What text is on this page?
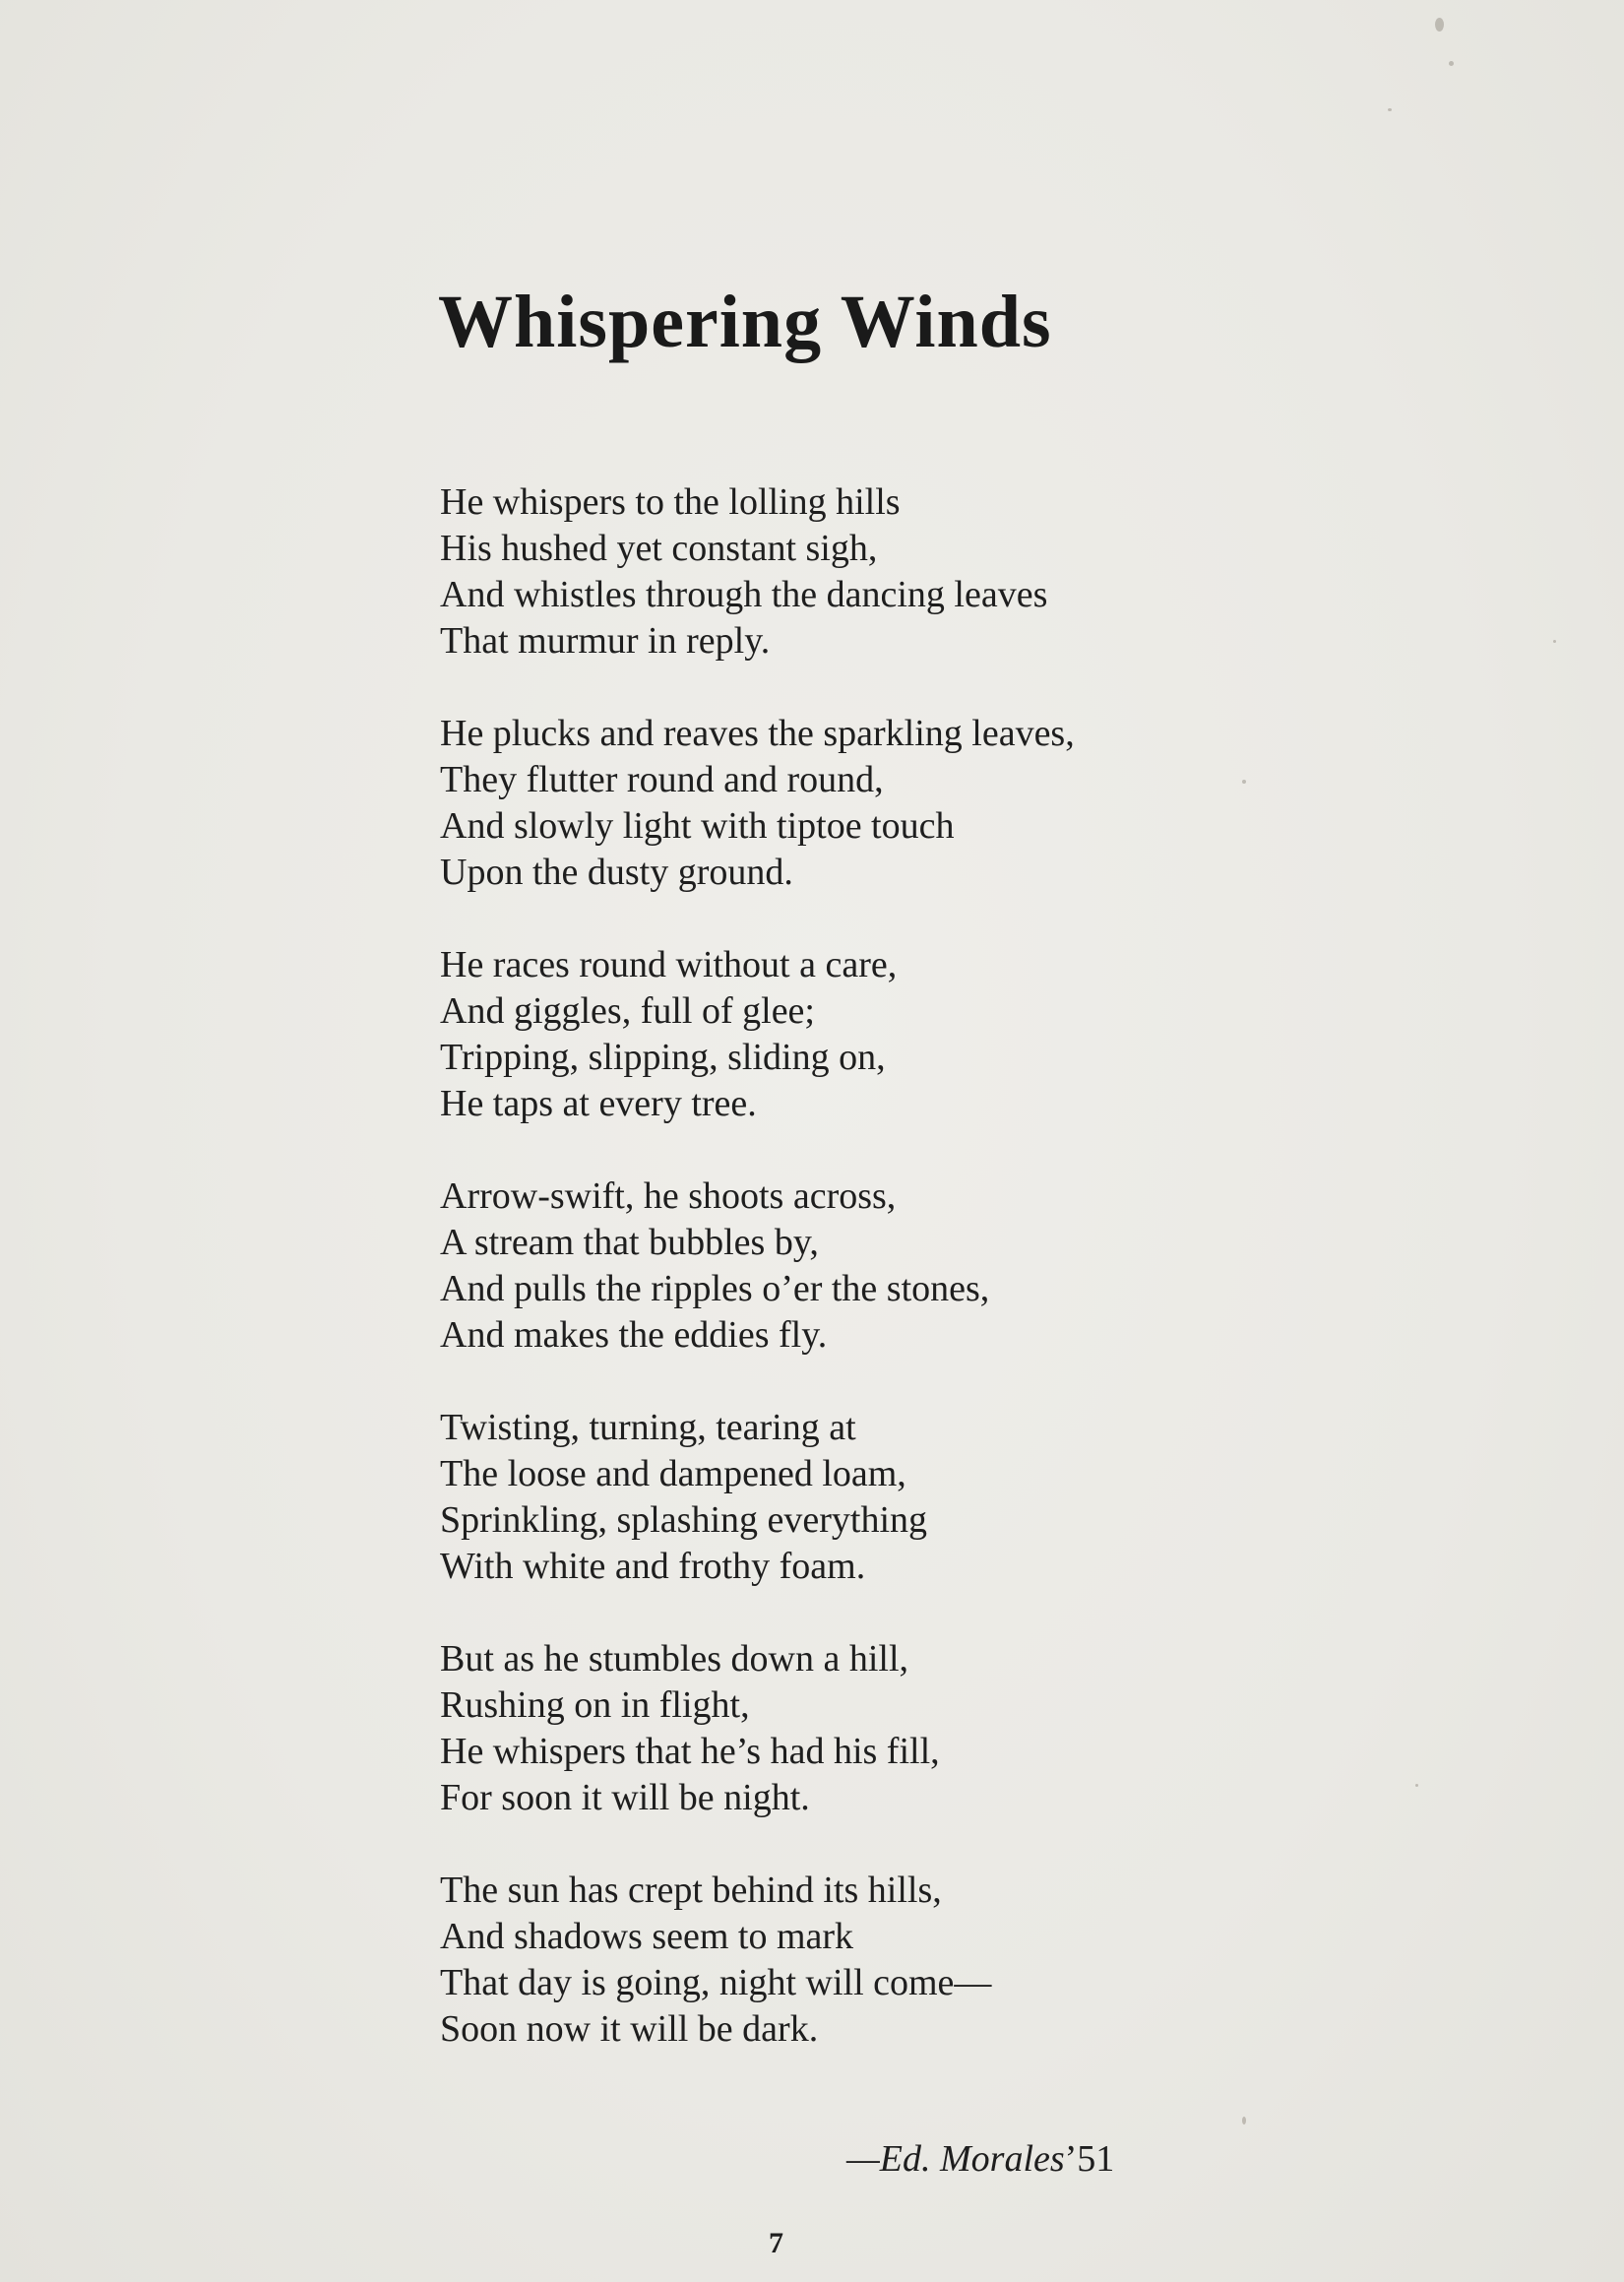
Whispering Winds
He whispers to the lolling hills
His hushed yet constant sigh,
And whistles through the dancing leaves
That murmur in reply.
He plucks and reaves the sparkling leaves,
They flutter round and round,
And slowly light with tiptoe touch
Upon the dusty ground.
He races round without a care,
And giggles, full of glee;
Tripping, slipping, sliding on,
He taps at every tree.
Arrow-swift, he shoots across,
A stream that bubbles by,
And pulls the ripples o’er the stones,
And makes the eddies fly.
Twisting, turning, tearing at
The loose and dampened loam,
Sprinkling, splashing everything
With white and frothy foam.
But as he stumbles down a hill,
Rushing on in flight,
He whispers that he’s had his fill,
For soon it will be night.
The sun has crept behind its hills,
And shadows seem to mark
That day is going, night will come—
Soon now it will be dark.
—Ed. Morales’51
7
